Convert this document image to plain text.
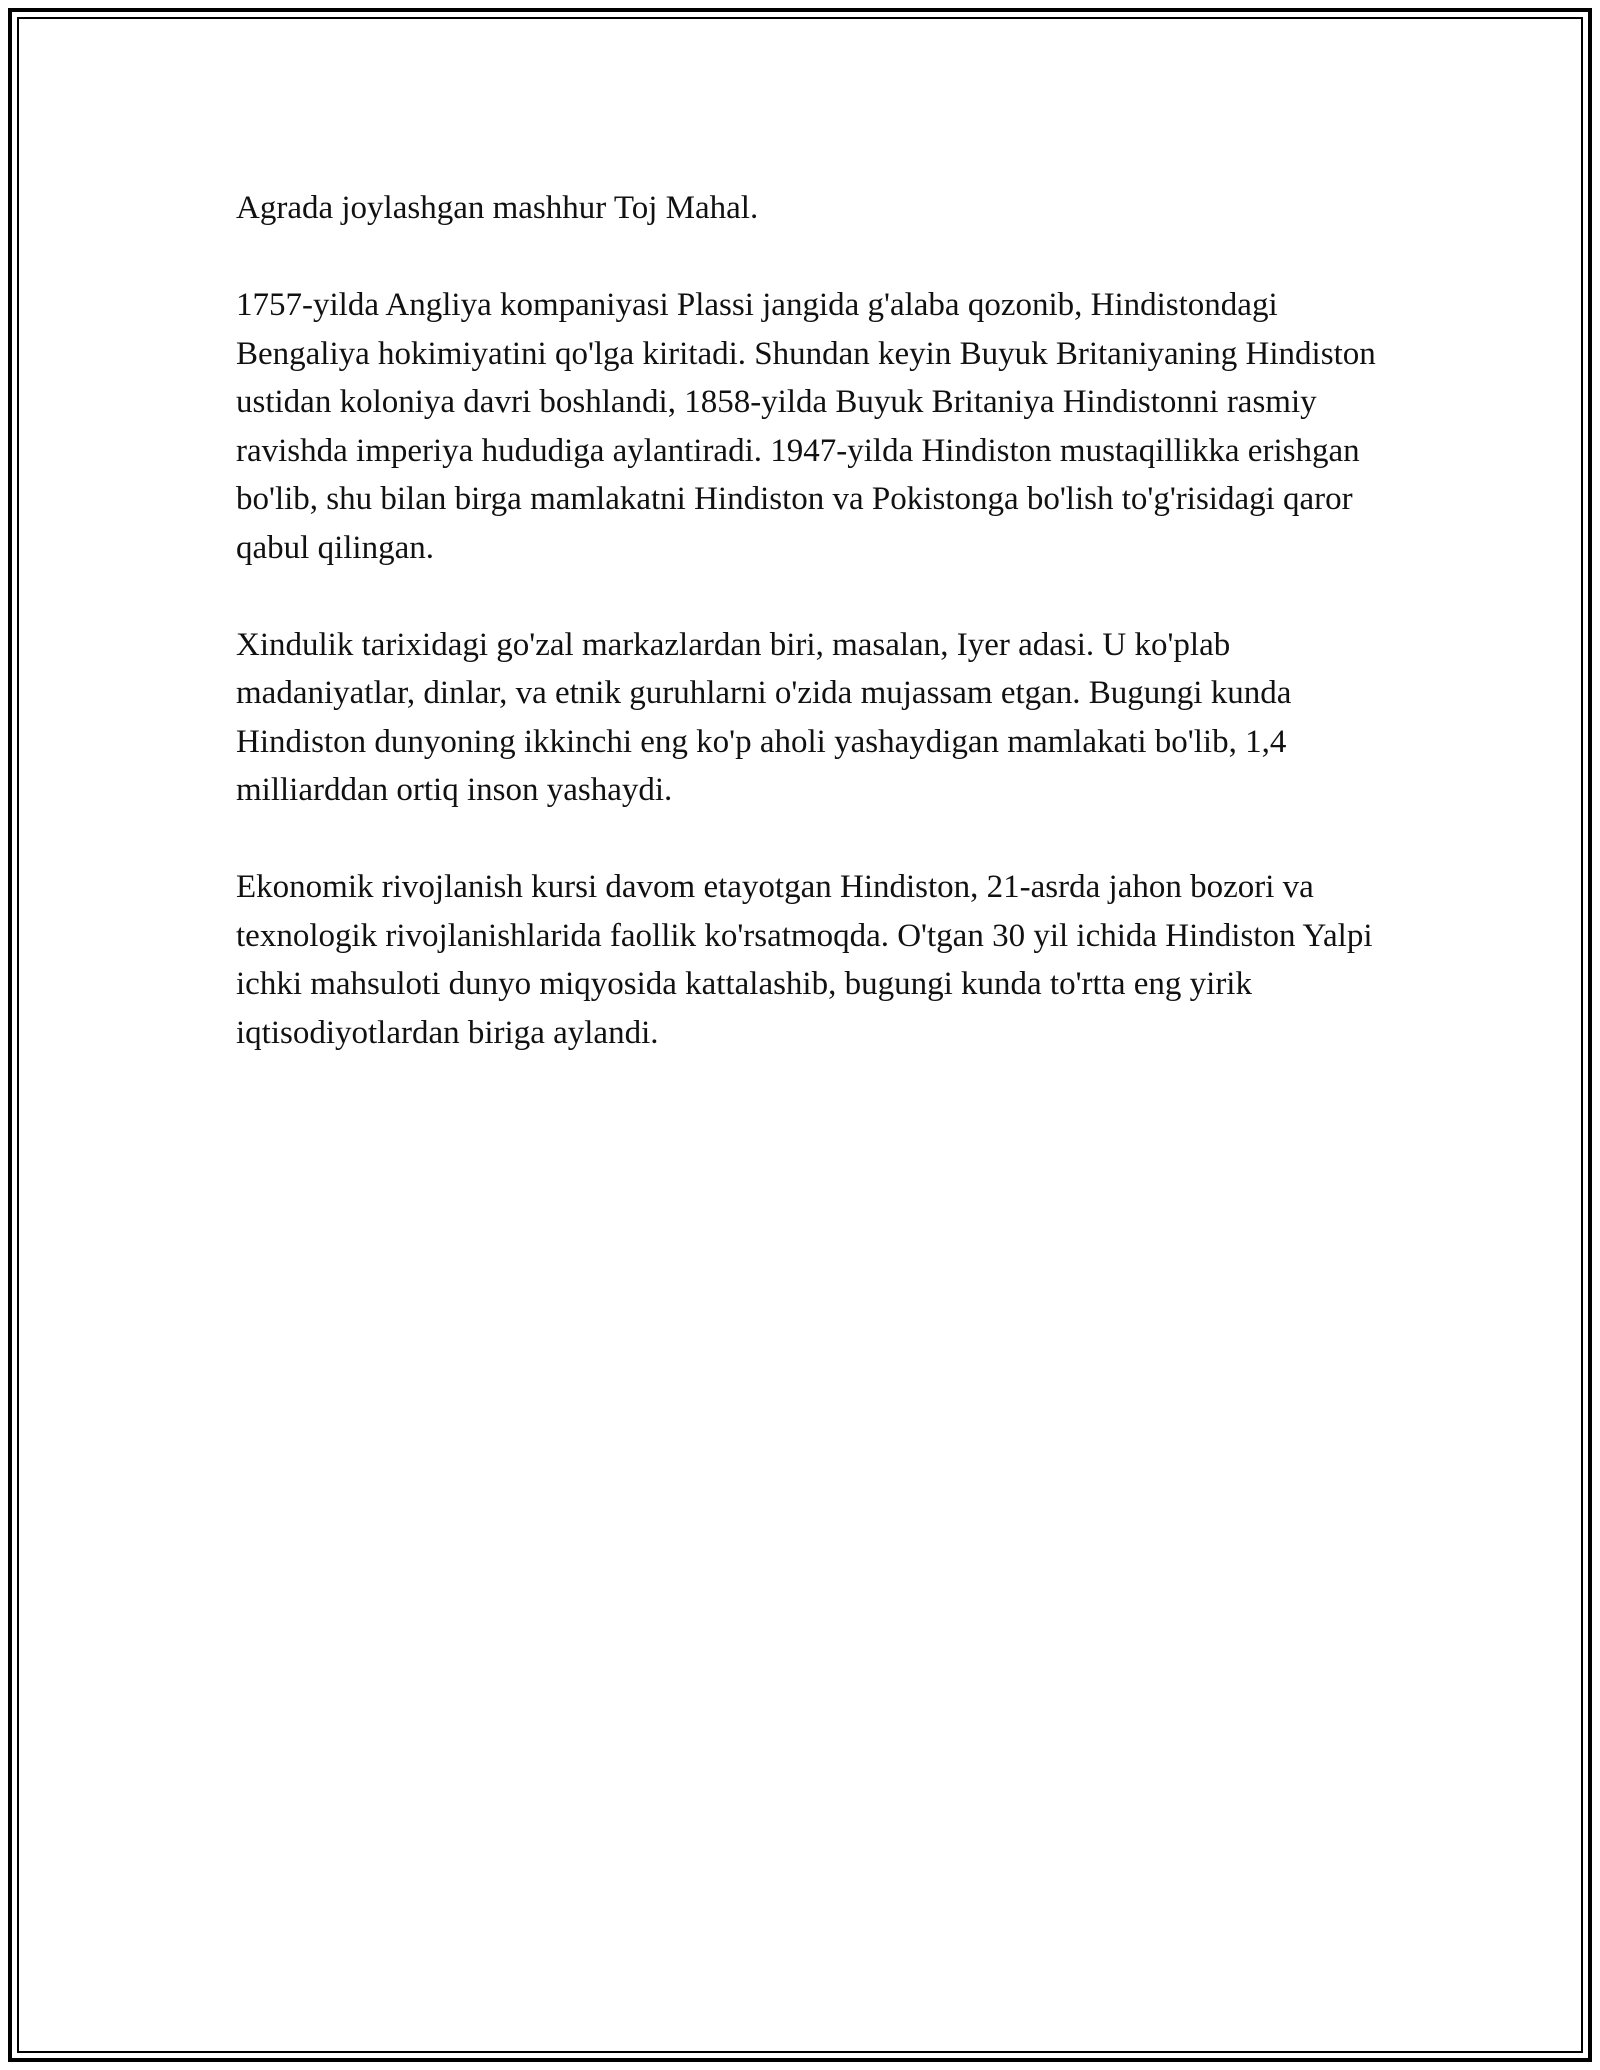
Agrada joylashgan mashhur Toj Mahal.

1757-yilda Angliya kompaniyasi Plassi jangida g'alaba qozonib, Hindistondagi Bengaliya hokimiyatini qo'lga kiritadi. Shundan keyin Buyuk Britaniyaning Hindiston ustidan koloniya davri boshlandi, 1858-yilda Buyuk Britaniya Hindistonni rasmiy ravishda imperiya hududiga aylantiradi. 1947-yilda Hindiston mustaqillikka erishgan bo'lib, shu bilan birga mamlakatni Hindiston va Pokistonga bo'lish to'g'risidagi qaror qabul qilingan.

Xindulik tarixidagi go'zal markazlardan biri, masalan, Iyer adasi. U ko'plab madaniyatlar, dinlar, va etnik guruhlarni o'zida mujassam etgan. Bugungi kunda Hindiston dunyoning ikkinchi eng ko'p aholi yashaydigan mamlakati bo'lib, 1,4 milliarddan ortiq inson yashaydi.

Ekonomik rivojlanish kursi davom etayotgan Hindiston, 21-asrda jahon bozori va texnologik rivojlanishlarida faollik ko'rsatmoqda. O'tgan 30 yil ichida Hindiston Yalpi ichki mahsuloti dunyo miqyosida kattalashib, bugungi kunda to'rtta eng yirik iqtisodiyotlardan biriga aylandi.
